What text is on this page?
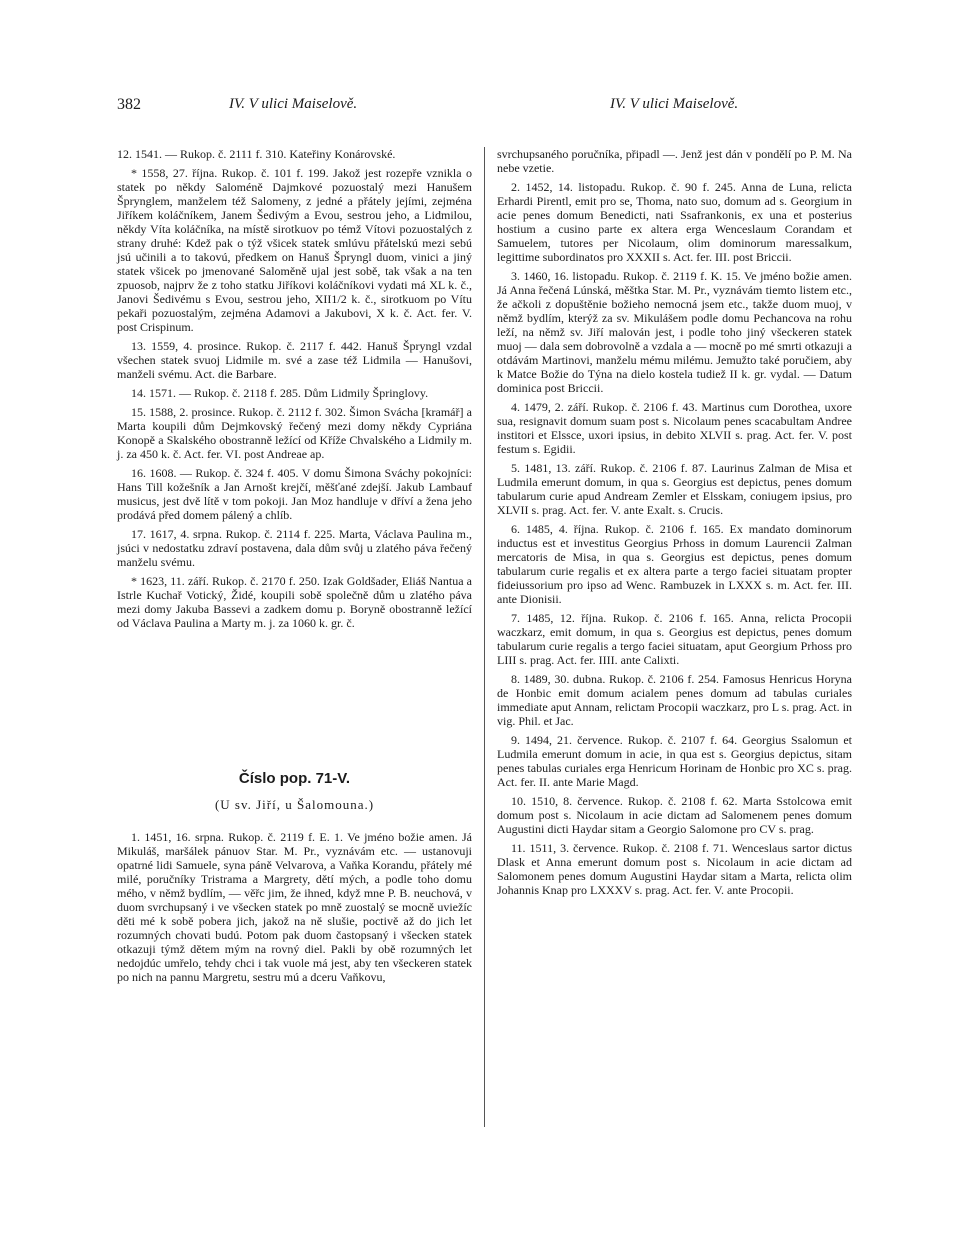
382	IV. V ulici Maiselově.	IV. V ulici Maiselově.

12. 1541. — Rukop. č. 2111 f. 310. Kateřiny Konárovské.

* 1558, 27. října. Rukop. č. 101 f. 199. Jakož jest rozepře vznikla o statek po někdy Saloméně Dajmkové pozuostalý mezi Hanušem Šprynglem, manželem též Salomeny, z jedné a přátely jejími, zejména Jiříkem koláčníkem, Janem Šedivým a Evou, sestrou jeho, a Lidmilou, někdy Víta koláčníka, na místě sirotkuov po témž Vítovi pozuostalých z strany druhé: Kdež pak o týž všicek statek smlúvu přátelskú mezi sebú jsú učinili a to takovú, předkem on Hanuš Špryngl duom, vinici a jiný statek všicek po jmenované Saloměně ujal jest sobě, tak však a na ten zpuosob, najprv že z toho statku Jiříkovi koláčníkovi vydati má XL k. č., Janovi Šedivému s Evou, sestrou jeho, XII1/2 k. č., sirotkuom po Vítu pekaři pozuostalým, zejména Adamovi a Jakubovi, X k. č. Act. fer. V. post Crispinum.

13. 1559, 4. prosince. Rukop. č. 2117 f. 442. Hanuš Špryngl vzdal všechen statek svuoj Lidmile m. své a zase též Lidmila — Hanušovi, manželi svému. Act. die Barbare.

14. 1571. — Rukop. č. 2118 f. 285. Dům Lidmily Špringlovy.

15. 1588, 2. prosince. Rukop. č. 2112 f. 302. Šimon Svácha [kramář] a Marta koupili dům Dejmkovský řečený mezi domy někdy Cypriána Konopě a Skalského obostranně ležící od Kříže Chvalského a Lidmily m. j. za 450 k. č. Act. fer. VI. post Andreae ap.

16. 1608. — Rukop. č. 324 f. 405. V domu Šimona Sváchy pokojníci: Hans Till kožešník a Jan Arnošt krejčí, měšťané zdejší. Jakub Lambauf musicus, jest dvě lítě v tom pokoji. Jan Moz handluje v dříví a žena jeho prodává před domem pálený a chlíb.

17. 1617, 4. srpna. Rukop. č. 2114 f. 225. Marta, Václava Paulina m., jsúci v nedostatku zdraví postavena, dala dům svůj u zlatého páva řečený manželu svému.

* 1623, 11. září. Rukop. č. 2170 f. 250. Izak Goldšader, Eliáš Nantua a Istrle Kuchař Votický, Židé, koupili sobě společně dům u zlatého páva mezi domy Jakuba Bassevi a zadkem domu p. Boryně obostranně ležící od Václava Paulina a Marty m. j. za 1060 k. gr. č.

Číslo pop. 71-V.
(U sv. Jiří, u Šalomouna.)

1. 1451, 16. srpna. Rukop. č. 2119 f. E. 1. Ve jméno božie amen. Já Mikuláš, maršálek pánuov Star. M. Pr., vyznávám etc. — ustanovuji opatrné lidi Samuele, syna páně Velvarova, a Vaňka Korandu, přátely mé milé, poručníky Tristrama a Margrety, dětí mých, a podle toho domu mého, v němž bydlím, — věřc jim, že ihned, když mne P. B. neuchová, v duom svrchupsaný i ve všecken statek po mně zuostalý se mocně uviežíc děti mé k sobě pobera jich, jakož na ně slušie, poctivě až do jich let rozumných chovati budú. Potom pak duom častopsaný i všecken statek otkazuji týmž dětem mým na rovný diel. Pakli by obě rozumných let nedojdúc umřelo, tehdy chci i tak vuole má jest, aby ten všeckeren statek po nich na pannu Margretu, sestru mú a dceru Vaňkovu,

svrchupsaného poručníka, připadl —. Jenž jest dán v pondělí po P. M. Na nebe vzetie.

2. 1452, 14. listopadu. Rukop. č. 90 f. 245. Anna de Luna, relicta Erhardi Pirentl, emit pro se, Thoma, nato suo, domum ad s. Georgium in acie penes domum Benedicti, nati Ssafrankonis, ex una et posterius hostium a cusino parte ex altera erga Wenceslaum Corandam et Samuelem, tutores per Nicolaum, olim dominorum maressalkum, legittime subordinatos pro XXXII s. Act. fer. III. post Briccii.

3. 1460, 16. listopadu. Rukop. č. 2119 f. K. 15. Ve jméno božie amen. Já Anna řečená Lúnská, měštka Star. M. Pr., vyznávám tiemto listem etc., že ačkoli z dopuštěnie božieho nemocná jsem etc., takže duom muoj, v němž bydlím, kterýž za sv. Mikulášem podle domu Pechancova na rohu leží, na němž sv. Jiří malován jest, i podle toho jiný všeckeren statek muoj — dala sem dobrovolně a vzdala a — mocně po mé smrti otkazuji a otdávám Martinovi, manželu mému milému. Jemužto také poručiem, aby k Matce Božie do Týna na dielo kostela tudiež II k. gr. vydal. — Datum dominica post Briccii.

4. 1479, 2. září. Rukop. č. 2106 f. 43. Martinus cum Dorothea, uxore sua, resignavit domum suam post s. Nicolaum penes scacabultam Andree institori et Elssce, uxori ipsius, in debito XLVII s. prag. Act. fer. V. post festum s. Egidii.

5. 1481, 13. září. Rukop. č. 2106 f. 87. Laurinus Zalman de Misa et Ludmila emerunt domum, in qua s. Georgius est depictus, penes domum tabularum curie apud Andream Zemler et Elsskam, coniugem ipsius, pro XLVII s. prag. Act. fer. V. ante Exalt. s. Crucis.

6. 1485, 4. října. Rukop. č. 2106 f. 165. Ex mandato dominorum inductus est et investitus Georgius Prhoss in domum Laurencii Zalman mercatoris de Misa, in qua s. Georgius est depictus, penes domum tabularum curie regalis et ex altera parte a tergo faciei situatam propter fideiussorium pro ipso ad Wenc. Rambuzek in LXXX s. m. Act. fer. III. ante Dionisii.

7. 1485, 12. října. Rukop. č. 2106 f. 165. Anna, relicta Procopii waczkarz, emit domum, in qua s. Georgius est depictus, penes domum tabularum curie regalis a tergo faciei situatam, aput Georgium Prhoss pro LIII s. prag. Act. fer. IIII. ante Calixti.

8. 1489, 30. dubna. Rukop. č. 2106 f. 254. Famosus Henricus Horyna de Honbic emit domum acialem penes domum ad tabulas curiales immediate aput Annam, relictam Procopii waczkarz, pro L s. prag. Act. in vig. Phil. et Jac.

9. 1494, 21. července. Rukop. č. 2107 f. 64. Georgius Ssalomun et Ludmila emerunt domum in acie, in qua est s. Georgius depictus, sitam penes tabulas curiales erga Henricum Horinam de Honbic pro XC s. prag. Act. fer. II. ante Marie Magd.

10. 1510, 8. července. Rukop. č. 2108 f. 62. Marta Sstolcowa emit domum post s. Nicolaum in acie dictam ad Salomenem penes domum Augustini dicti Haydar sitam a Georgio Salomone pro CV s. prag.

11. 1511, 3. července. Rukop. č. 2108 f. 71. Wenceslaus sartor dictus Dlask et Anna emerunt domum post s. Nicolaum in acie dictam ad Salomonem penes domum Augustini Haydar sitam a Marta, relicta olim Johannis Knap pro LXXXV s. prag. Act. fer. V. ante Procopii.
